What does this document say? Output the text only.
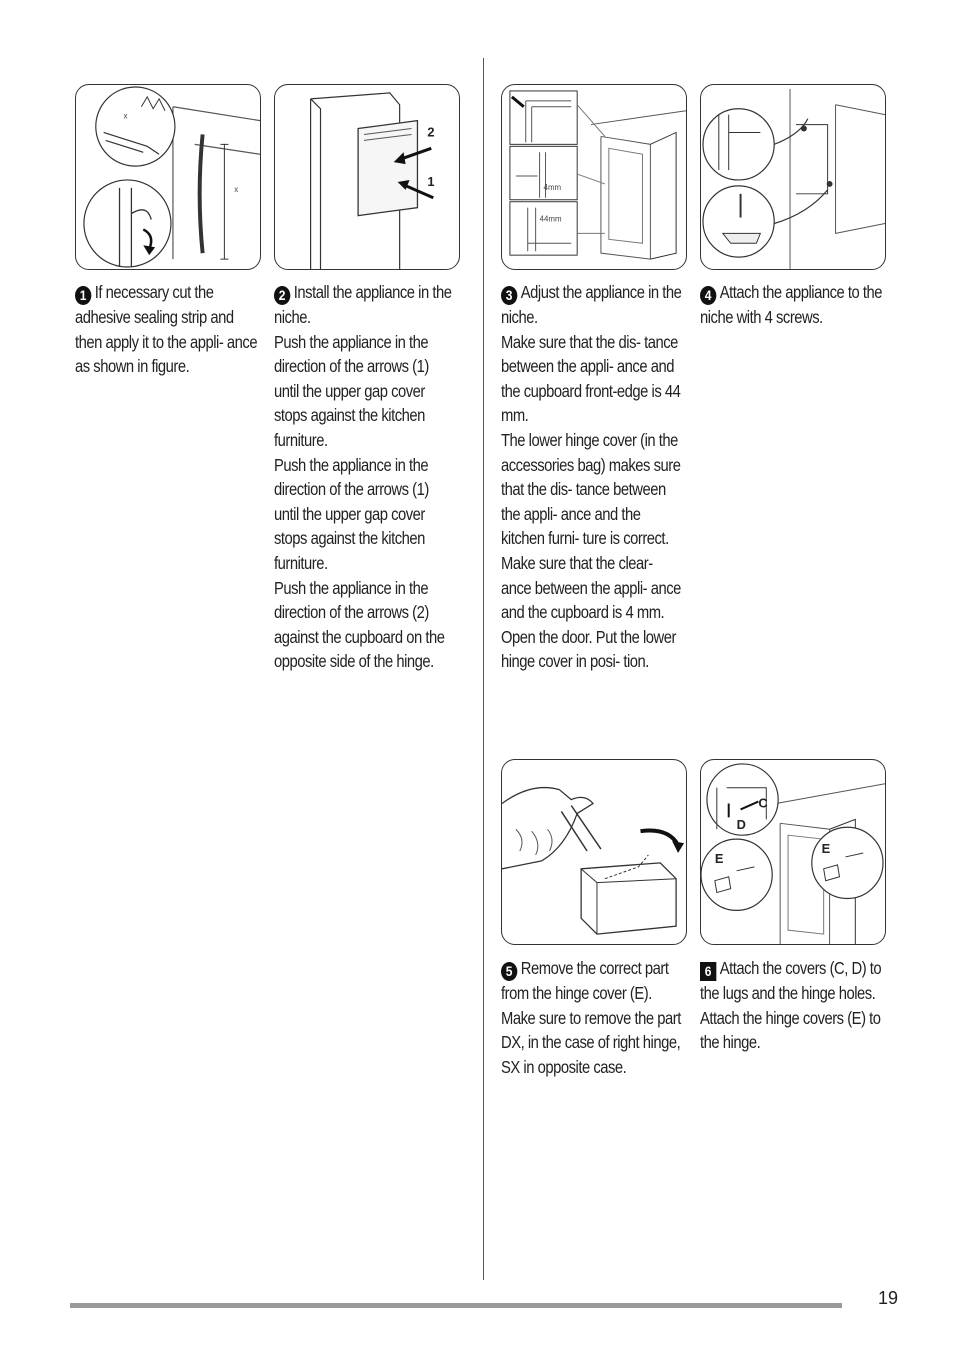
x
x
2
1	4mm
44mm
C
D
E
E

1 If necessary cut the adhesive sealing strip and then apply it to the appli- ance as shown in figure.

2 Install the appliance in the niche.

Push the appliance in the direction of the arrows (1) until the upper gap cover stops against the kitchen furniture.

Push the appliance in the direction of the arrows (1) until the upper gap cover stops against the kitchen furniture.

Push the appliance in the direction of the arrows (2) against the cupboard on the opposite side of the hinge.

3 Adjust the appliance in the niche.

Make sure that the dis- tance between the appli- ance and the cupboard front-edge is 44 mm.

The lower hinge cover (in the accessories bag) makes sure that the dis- tance between the appli- ance and the kitchen furni- ture is correct.

Make sure that the clear- ance between the appli- ance and the cupboard is 4 mm.

Open the door. Put the lower hinge cover in posi- tion.

4 Attach the appliance to the niche with 4 screws.

5 Remove the correct part from the hinge cover (E). Make sure to remove the part DX, in the case of right hinge, SX in opposite case.

6 Attach the covers (C, D) to the lugs and the hinge holes.

Attach the hinge covers (E) to the hinge.

19
